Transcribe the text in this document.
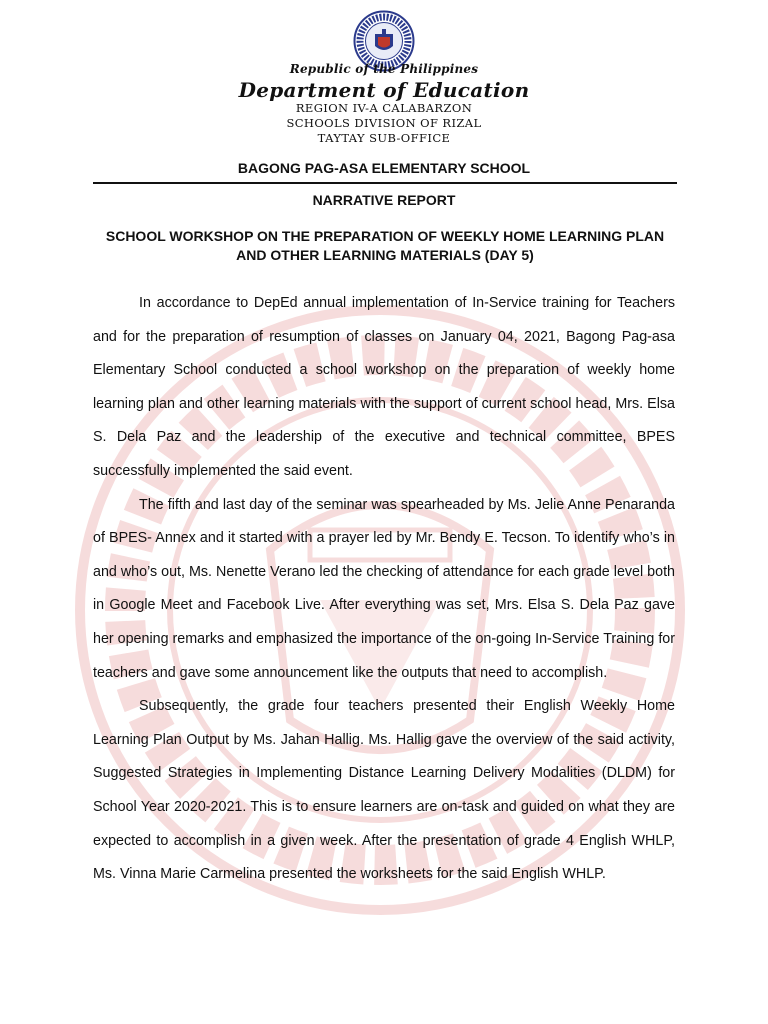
Republic of the Philippines
Department of Education
REGION IV-A CALABARZON
SCHOOLS DIVISION OF RIZAL
TAYTAY SUB-OFFICE
BAGONG PAG-ASA ELEMENTARY SCHOOL
NARRATIVE REPORT
SCHOOL WORKSHOP ON THE PREPARATION OF WEEKLY HOME LEARNING PLAN AND OTHER LEARNING MATERIALS (DAY 5)

In accordance to DepEd annual implementation of In-Service training for Teachers and for the preparation of resumption of classes on January 04, 2021, Bagong Pag-asa Elementary School conducted a school workshop on the preparation of weekly home learning plan and other learning materials with the support of current school head, Mrs. Elsa S. Dela Paz and the leadership of the executive and technical committee, BPES successfully implemented the said event.

The fifth and last day of the seminar was spearheaded by Ms. Jelie Anne Penaranda of BPES- Annex and it started with a prayer led by Mr. Bendy E. Tecson. To identify who’s in and who’s out, Ms. Nenette Verano led the checking of attendance for each grade level both in Google Meet and Facebook Live. After everything was set, Mrs. Elsa S. Dela Paz gave her opening remarks and emphasized the importance of the on-going In-Service Training for teachers and gave some announcement like the outputs that need to accomplish.

Subsequently, the grade four teachers presented their English Weekly Home Learning Plan Output by Ms. Jahan Hallig. Ms. Hallig gave the overview of the said activity, Suggested Strategies in Implementing Distance Learning Delivery Modalities (DLDM) for School Year 2020-2021. This is to ensure learners are on-task and guided on what they are expected to accomplish in a given week. After the presentation of grade 4 English WHLP, Ms. Vinna Marie Carmelina presented the worksheets for the said English WHLP.
